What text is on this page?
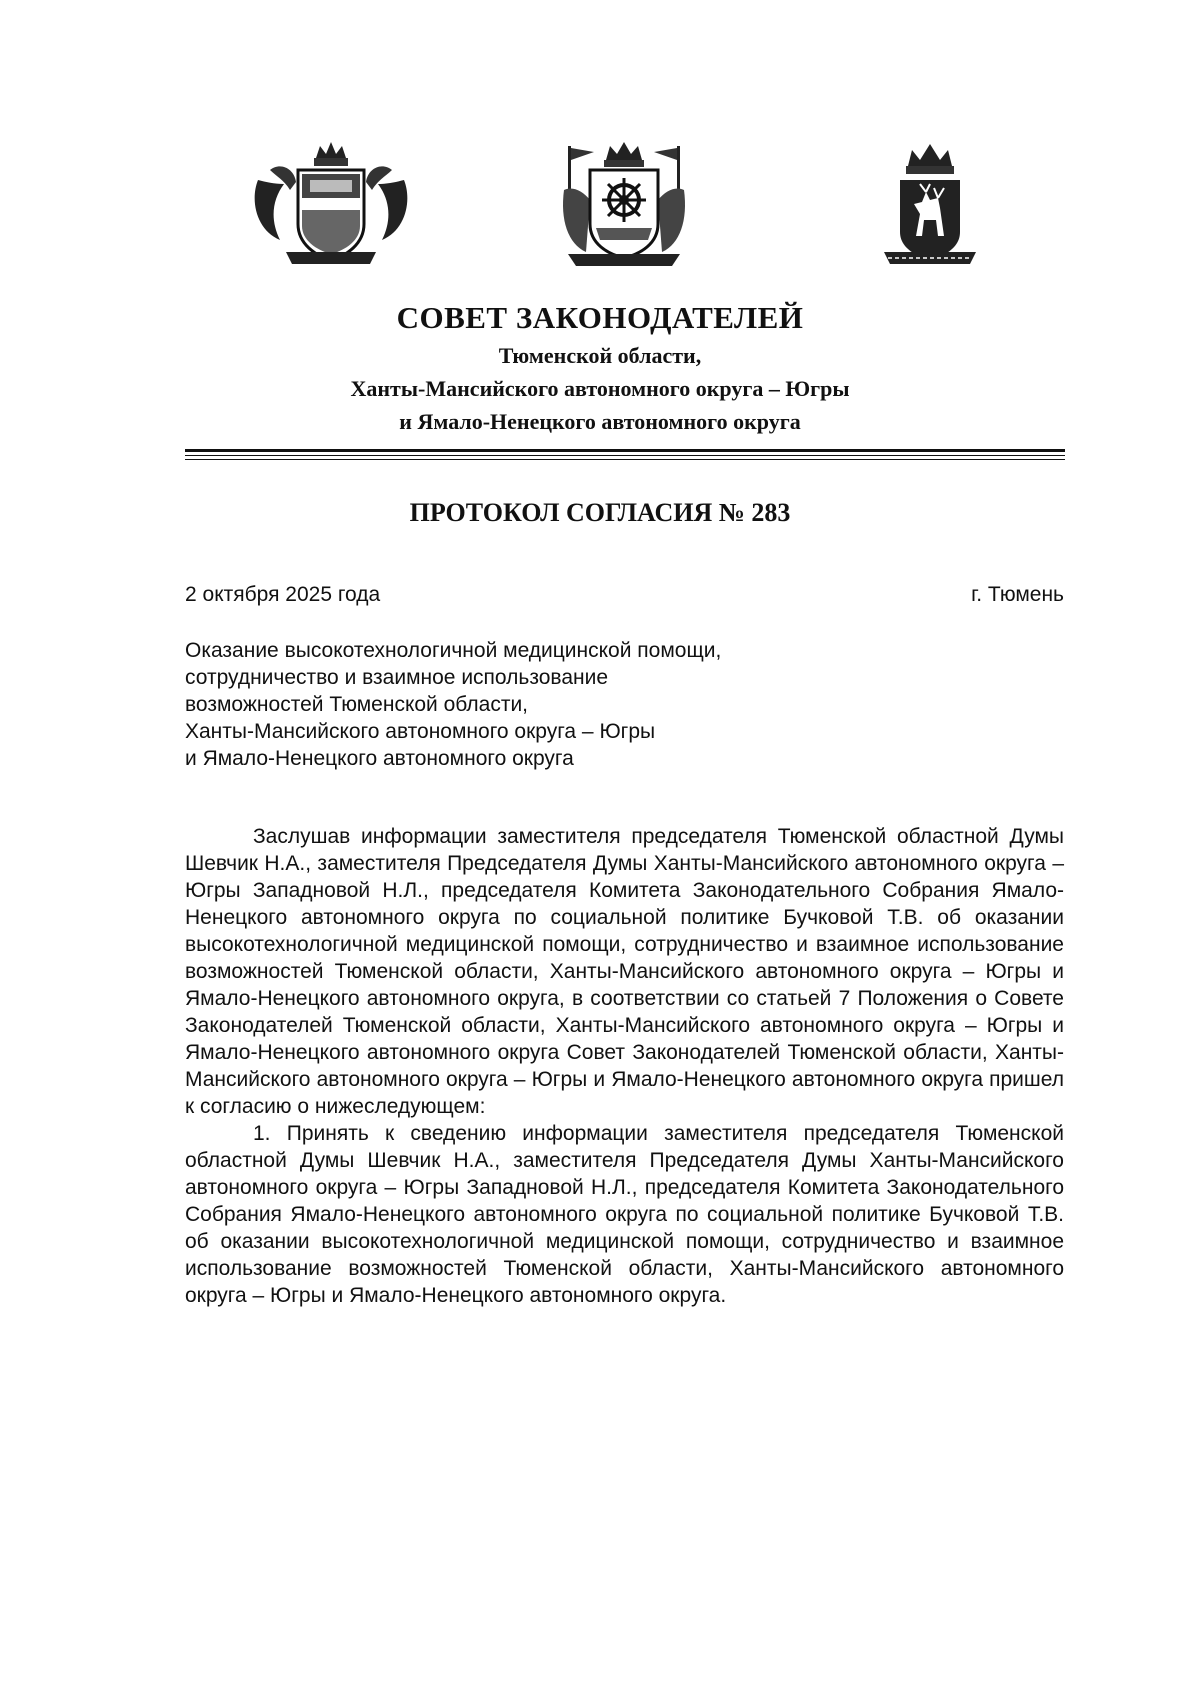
СОВЕТ ЗАКОНОДАТЕЛЕЙ
Тюменской области,
Ханты-Мансийского автономного округа – Югры
и Ямало-Ненецкого автономного округа
ПРОТОКОЛ СОГЛАСИЯ № 283
2 октября 2025 года	г. Тюмень
Оказание высокотехнологичной медицинской помощи,
сотрудничество и взаимное использование
возможностей Тюменской области,
Ханты-Мансийского автономного округа – Югры
и Ямало-Ненецкого автономного округа

Заслушав информации заместителя председателя Тюменской областной Думы Шевчик Н.А., заместителя Председателя Думы Ханты-Мансийского автономного округа – Югры Западновой Н.Л., председателя Комитета Законодательного Собрания Ямало-Ненецкого автономного округа по социальной политике Бучковой Т.В. об оказании высокотехнологичной медицинской помощи, сотрудничество и взаимное использование возможностей Тюменской области, Ханты-Мансийского автономного округа – Югры и Ямало-Ненецкого автономного округа, в соответствии со статьей 7 Положения о Совете Законодателей Тюменской области, Ханты-Мансийского автономного округа – Югры и Ямало-Ненецкого автономного округа Совет Законодателей Тюменской области, Ханты-Мансийского автономного округа – Югры и Ямало-Ненецкого автономного округа пришел к согласию о нижеследующем:

1. Принять к сведению информации заместителя председателя Тюменской областной Думы Шевчик Н.А., заместителя Председателя Думы Ханты-Мансийского автономного округа – Югры Западновой Н.Л., председателя Комитета Законодательного Собрания Ямало-Ненецкого автономного округа по социальной политике Бучковой Т.В. об оказании высокотехнологичной медицинской помощи, сотрудничество и взаимное использование возможностей Тюменской области, Ханты-Мансийского автономного округа – Югры и Ямало-Ненецкого автономного округа.
